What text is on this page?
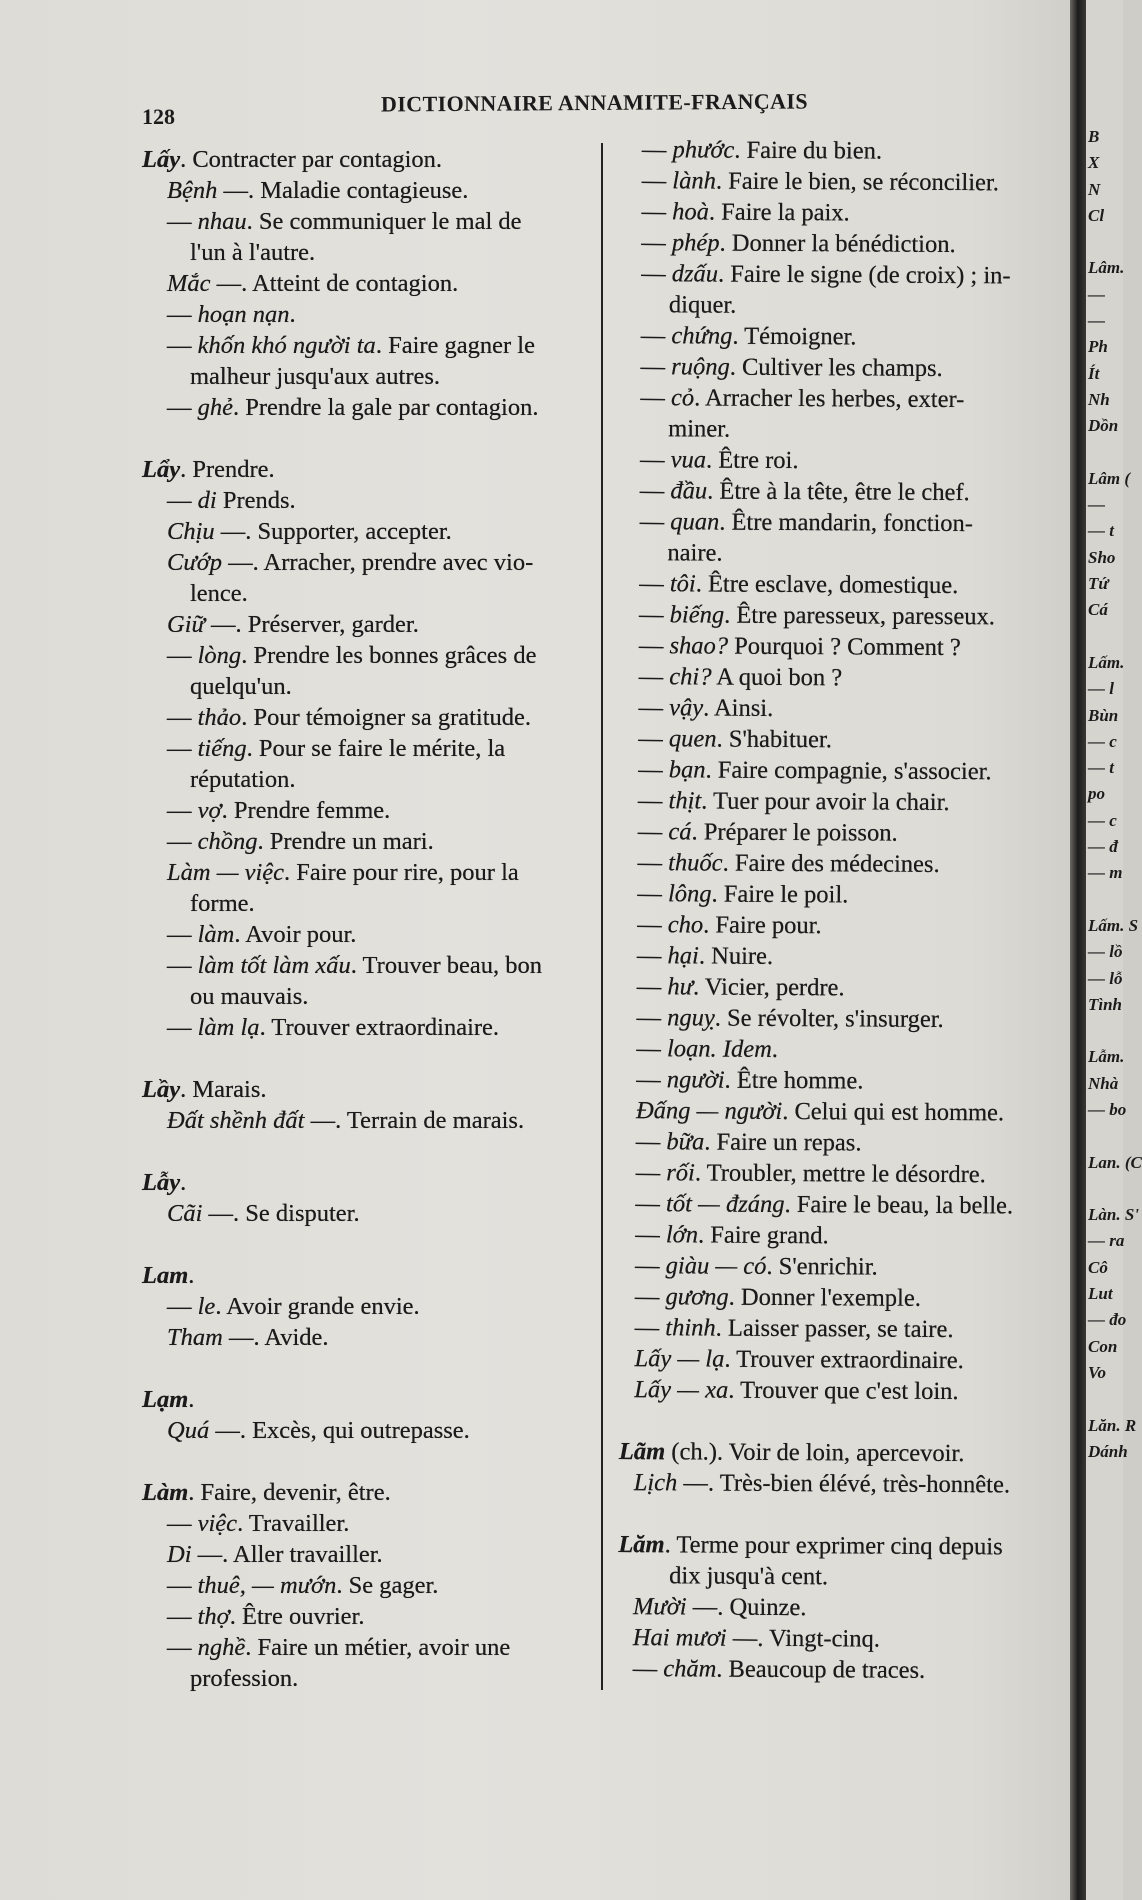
128
DICTIONNAIRE ANNAMITE-FRANÇAIS
Lấy. Contracter par contagion.
Bệnh —. Maladie contagieuse.
— nhau. Se communiquer le mal de
l'un à l'autre.
Mắc —. Atteint de contagion.
— hoạn nạn.
— khốn khó người ta. Faire gagner le
malheur jusqu'aux autres.
— ghẻ. Prendre la gale par contagion.
Lẩy. Prendre.
— di Prends.
Chịu —. Supporter, accepter.
Cướp —. Arracher, prendre avec vio-
lence.
Giữ —. Préserver, garder.
— lòng. Prendre les bonnes grâces de
quelqu'un.
— thảo. Pour témoigner sa gratitude.
— tiếng. Pour se faire le mérite, la
réputation.
— vợ. Prendre femme.
— chồng. Prendre un mari.
Làm — việc. Faire pour rire, pour la
forme.
— làm. Avoir pour.
— làm tốt làm xấu. Trouver beau, bon
ou mauvais.
— làm lạ. Trouver extraordinaire.
Lầy. Marais.
Đất shềnh đất —. Terrain de marais.
Lẫy.
Cãi —. Se disputer.
Lam.
— le. Avoir grande envie.
Tham —. Avide.
Lạm.
Quá —. Excès, qui outrepasse.
Làm. Faire, devenir, être.
— việc. Travailler.
Di —. Aller travailler.
— thuê, — mướn. Se gager.
— thợ. Être ouvrier.
— nghề. Faire un métier, avoir une
profession.
— phước. Faire du bien.
— lành. Faire le bien, se réconcilier.
— hoà. Faire la paix.
— phép. Donner la bénédiction.
— dzấu. Faire le signe (de croix) ; in-
diquer.
— chứng. Témoigner.
— ruộng. Cultiver les champs.
— cỏ. Arracher les herbes, exter-
miner.
— vua. Être roi.
— đầu. Être à la tête, être le chef.
— quan. Être mandarin, fonction-
naire.
— tôi. Être esclave, domestique.
— biếng. Être paresseux, paresseux.
— shao? Pourquoi ? Comment ?
— chi? A quoi bon ?
— vậy. Ainsi.
— quen. S'habituer.
— bạn. Faire compagnie, s'associer.
— thịt. Tuer pour avoir la chair.
— cá. Préparer le poisson.
— thuốc. Faire des médecines.
— lông. Faire le poil.
— cho. Faire pour.
— hại. Nuire.
— hư. Vicier, perdre.
— nguỵ. Se révolter, s'insurger.
— loạn. Idem.
— người. Être homme.
Đấng — người. Celui qui est homme.
— bữa. Faire un repas.
— rối. Troubler, mettre le désordre.
— tốt — đzáng. Faire le beau, la belle.
— lớn. Faire grand.
— giàu — có. S'enrichir.
— gương. Donner l'exemple.
— thinh. Laisser passer, se taire.
Lấy — lạ. Trouver extraordinaire.
Lấy — xa. Trouver que c'est loin.
Lãm (ch.). Voir de loin, apercevoir.
Lịch —. Très-bien élévé, très-honnête.
Lăm. Terme pour exprimer cinq depuis
dix jusqu'à cent.
Mười —. Quinze.
Hai mươi —. Vingt-cinq.
— chăm. Beaucoup de traces.
B
X
N
Cl
Lâm.
—
—
Ph
Ít
Nh
Dồn
Lâm (
—
— t
Sho
Tứ
Cá
Lấm.
— l
Bùn
— c
— t
po
— c
— đ
— m
Lấm. S
— lồ
— lỗ
Tình
Lẫm.
Nhà
— bo
Lan. (C
Làn. S'
— ra
Cô
Lut
— đo
Con
Vo
Lăn. R
Dánh
